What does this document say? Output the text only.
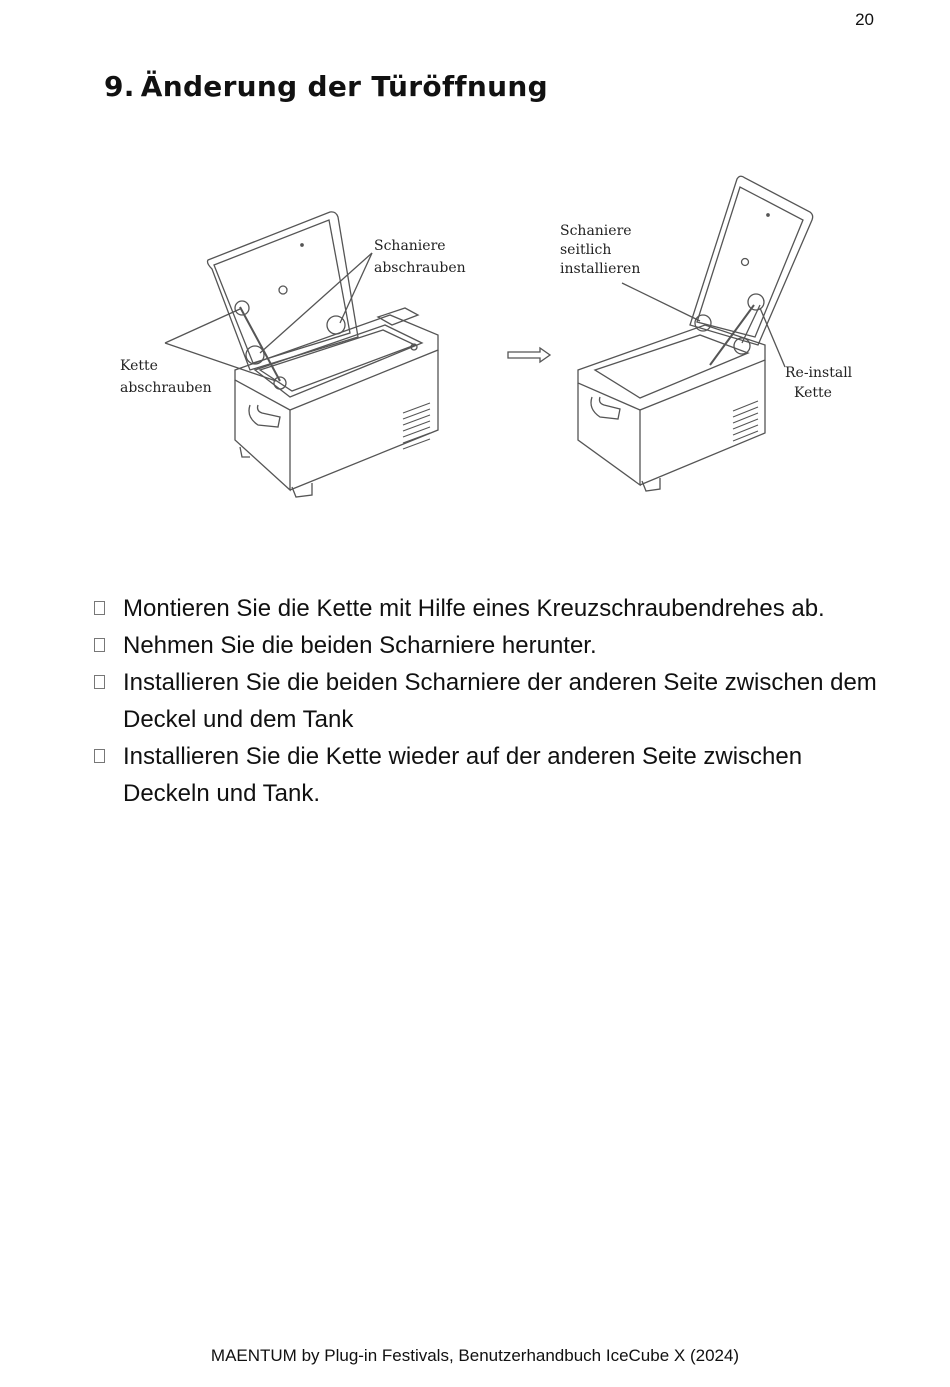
20
9. Änderung der Türöffnung
Schaniere
abschrauben
Kette
abschrauben
Schaniere
seitlich
installieren
Re-install
Kette
Montieren Sie die Kette mit Hilfe eines Kreuzschraubendrehes ab.
Nehmen Sie die beiden Scharniere herunter.
Installieren Sie die beiden Scharniere der anderen Seite zwischen dem Deckel und dem Tank
Installieren Sie die Kette wieder auf der anderen Seite zwischen Deckeln und Tank.
MAENTUM by Plug-in Festivals, Benutzerhandbuch IceCube X (2024)
